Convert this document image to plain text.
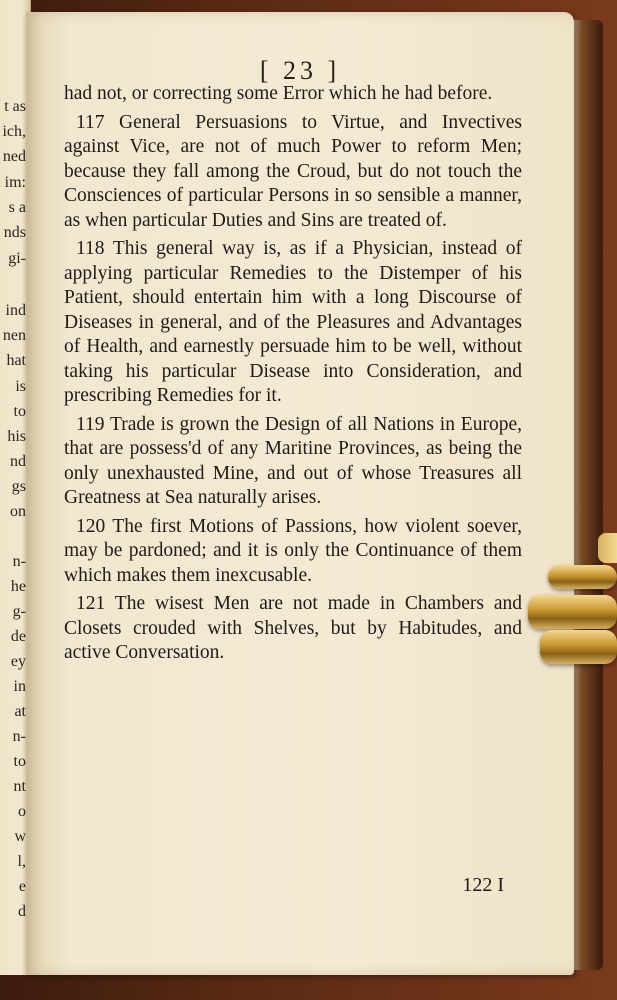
t as
ich,
ned
im:
s a
nds
gi-
ind
nen
hat
is
to
his
nd
gs
on
n-
he
g-
de
ey
in
at
n-
to
nt
o
w
l,
e
d
[ 23 ]

had not, or correcting some Error which he had before.

117 General Persuasions to Virtue, and Invectives against Vice, are not of much Power to reform Men; because they fall among the Croud, but do not touch the Consciences of particular Persons in so sensible a manner, as when particular Duties and Sins are treated of.

118 This general way is, as if a Physician, instead of applying particular Remedies to the Distemper of his Patient, should entertain him with a long Discourse of Diseases in general, and of the Pleasures and Advantages of Health, and earnestly persuade him to be well, without taking his particular Disease into Consideration, and prescribing Remedies for it.

119 Trade is grown the Design of all Nations in Europe, that are possess'd of any Maritine Provinces, as being the only unexhausted Mine, and out of whose Treasures all Greatness at Sea naturally arises.

120 The first Motions of Passions, how violent soever, may be pardoned; and it is only the Continuance of them which makes them inexcusable.

121 The wisest Men are not made in Chambers and Closets crouded with Shelves, but by Habitudes, and active Conversation.

122 I
